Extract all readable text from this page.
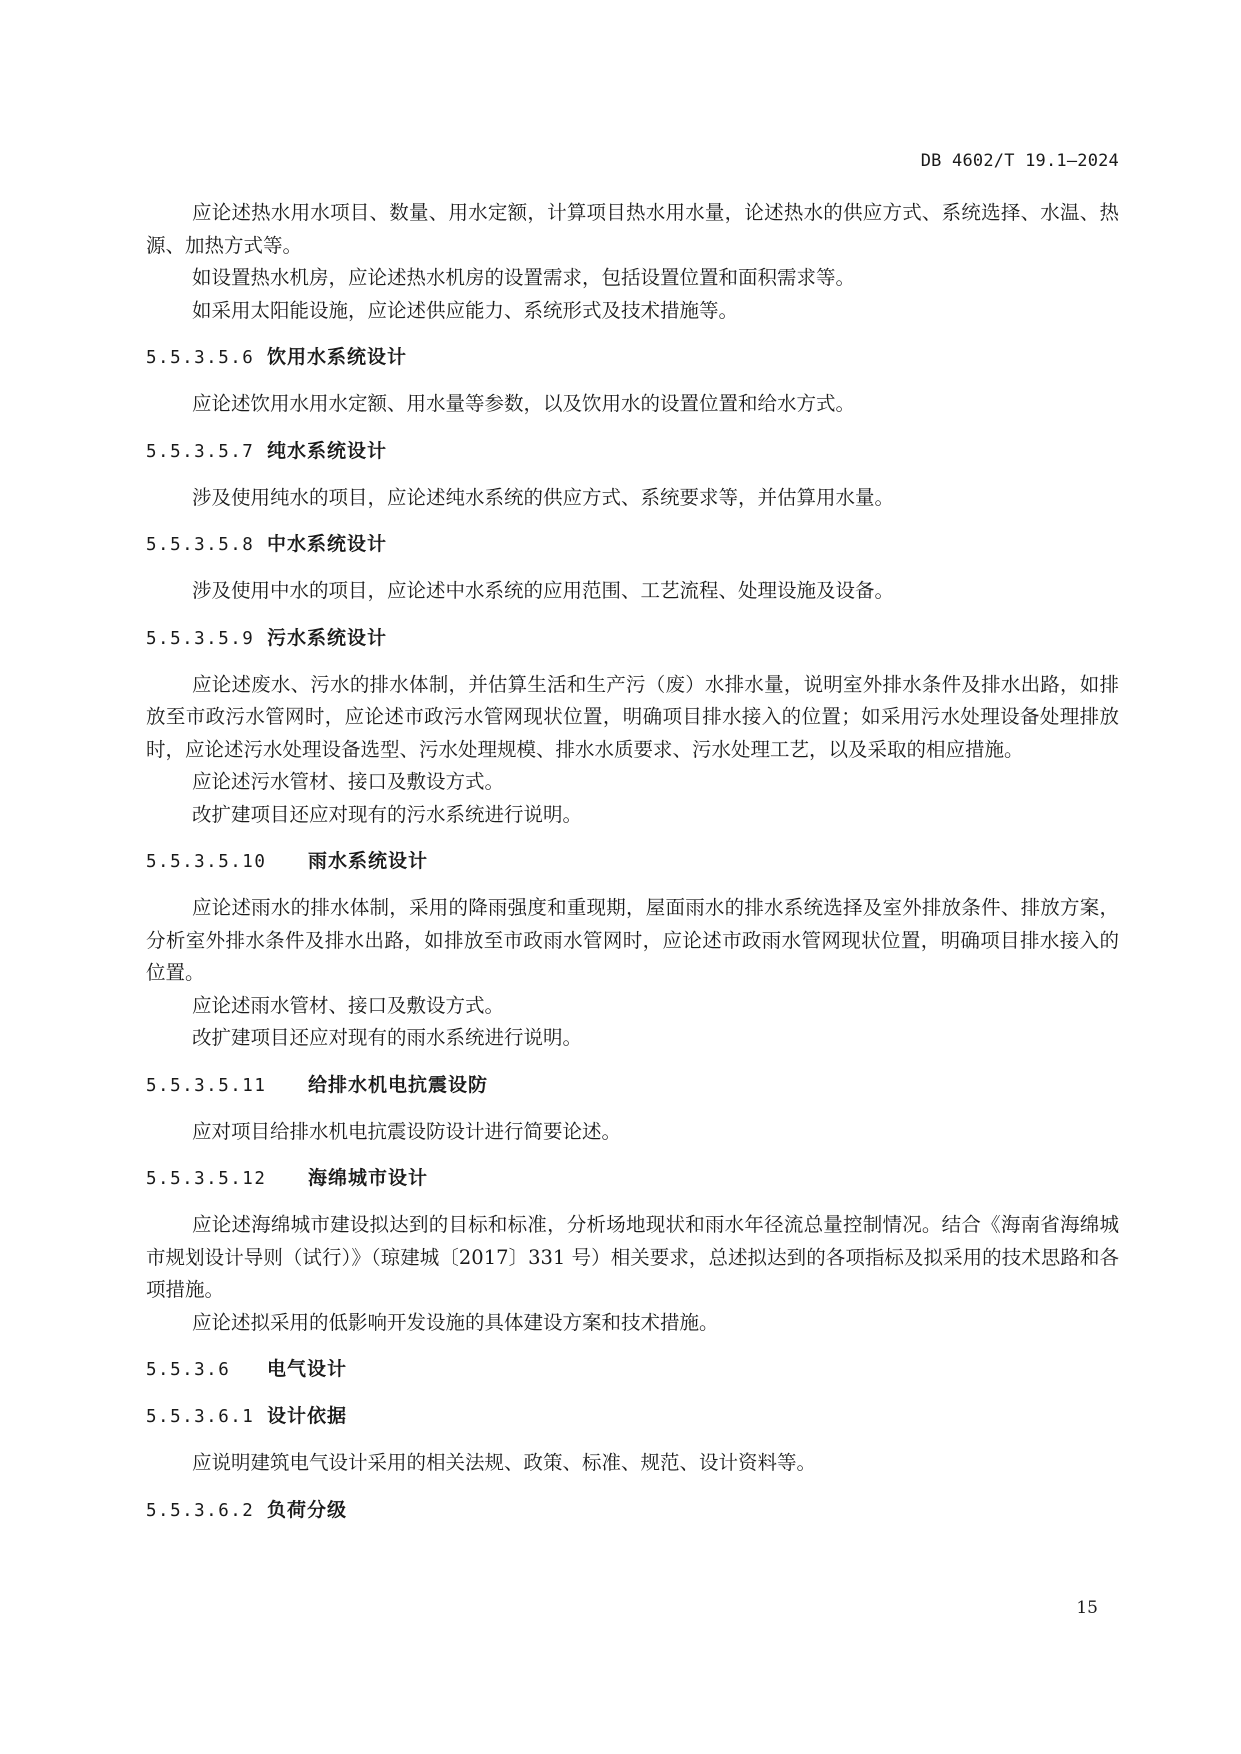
DB 4602/T 19.1—2024

应论述热水用水项目、数量、用水定额，计算项目热水用水量，论述热水的供应方式、系统选择、水温、热源、加热方式等。

如设置热水机房，应论述热水机房的设置需求，包括设置位置和面积需求等。

如采用太阳能设施，应论述供应能力、系统形式及技术措施等。

5.5.3.5.6 饮用水系统设计

应论述饮用水用水定额、用水量等参数，以及饮用水的设置位置和给水方式。

5.5.3.5.7 纯水系统设计

涉及使用纯水的项目，应论述纯水系统的供应方式、系统要求等，并估算用水量。

5.5.3.5.8 中水系统设计

涉及使用中水的项目，应论述中水系统的应用范围、工艺流程、处理设施及设备。

5.5.3.5.9 污水系统设计

应论述废水、污水的排水体制，并估算生活和生产污（废）水排水量，说明室外排水条件及排水出路，如排放至市政污水管网时，应论述市政污水管网现状位置，明确项目排水接入的位置；如采用污水处理设备处理排放时，应论述污水处理设备选型、污水处理规模、排水水质要求、污水处理工艺，以及采取的相应措施。

应论述污水管材、接口及敷设方式。

改扩建项目还应对现有的污水系统进行说明。

5.5.3.5.10	雨水系统设计

应论述雨水的排水体制，采用的降雨强度和重现期，屋面雨水的排水系统选择及室外排放条件、排放方案，分析室外排水条件及排水出路，如排放至市政雨水管网时，应论述市政雨水管网现状位置，明确项目排水接入的位置。

应论述雨水管材、接口及敷设方式。

改扩建项目还应对现有的雨水系统进行说明。

5.5.3.5.11	给排水机电抗震设防

应对项目给排水机电抗震设防设计进行简要论述。

5.5.3.5.12	海绵城市设计

应论述海绵城市建设拟达到的目标和标准，分析场地现状和雨水年径流总量控制情况。结合《海南省海绵城市规划设计导则（试行）》（琼建城〔2017〕331 号）相关要求，总述拟达到的各项指标及拟采用的技术思路和各项措施。

应论述拟采用的低影响开发设施的具体建设方案和技术措施。

5.5.3.6	电气设计
5.5.3.6.1 设计依据

应说明建筑电气设计采用的相关法规、政策、标准、规范、设计资料等。

5.5.3.6.2 负荷分级
15
